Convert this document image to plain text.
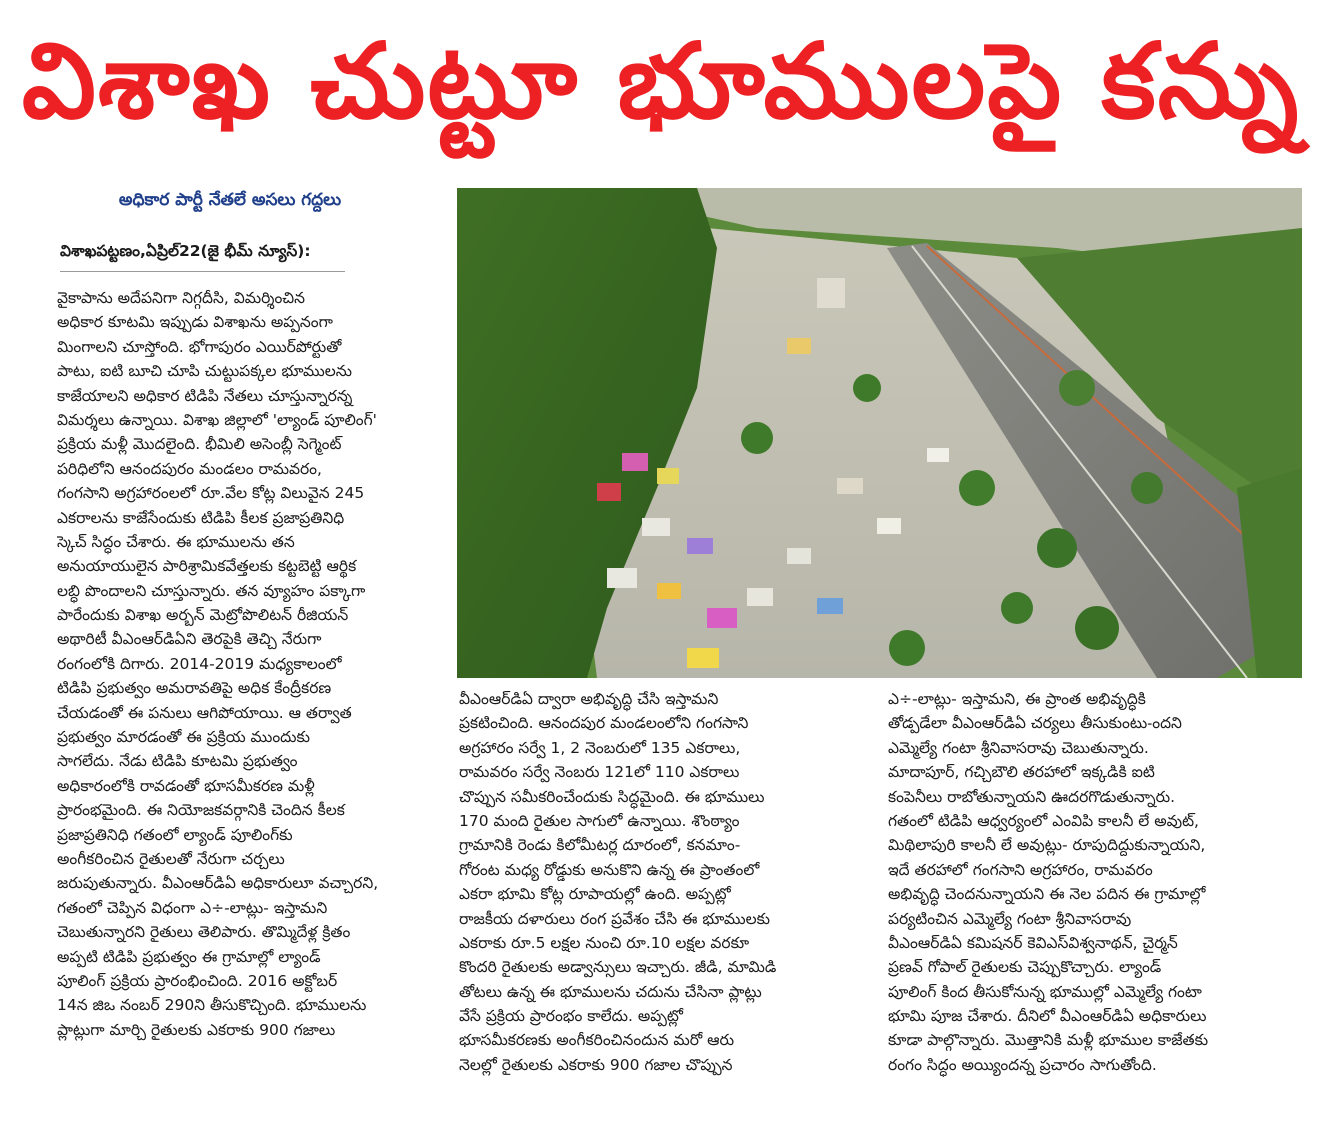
విశాఖ చుట్టూ భూములపై కన్ను
అధికార పార్టీ నేతలే అసలు గద్దలు
విశాఖపట్టణం,ఏప్రిల్22(జై భీమ్ న్యూస్):
వైకాపాను అదేపనిగా నిగ్గదీసి, విమర్శించిన
అధికార కూటమి ఇప్పుడు విశాఖను అప్పనంగా
మింగాలని చూస్తోంది. భోగాపురం ఎయిర్‌పోర్టుతో
పాటు, ఐటి బూచి చూపి చుట్టుపక్కల భూములను
కాజేయాలని అధికార టిడిపి నేతలు చూస్తున్నారన్న
విమర్శలు ఉన్నాయి. విశాఖ జిల్లాలో 'ల్యాండ్ పూలింగ్'
ప్రక్రియ మళ్లీ మొదలైంది. భీమిలి అసెంబ్లీ సెగ్మెంట్
పరిధిలోని ఆనందపురం మండలం రామవరం,
గంగసాని అగ్రహారంలలో రూ.వేల కోట్ల విలువైన 245
ఎకరాలను కాజేసేందుకు టిడిపి కీలక ప్రజాప్రతినిధి
స్కెచ్ సిద్ధం చేశారు. ఈ భూములను తన
అనుయాయులైన పారిశ్రామికవేత్తలకు కట్టబెట్టి ఆర్థిక
లబ్ధి పొందాలని చూస్తున్నారు. తన వ్యూహం పక్కాగా
పారేందుకు విశాఖ అర్బన్ మెట్రోపొలిటన్ రీజియన్
అథారిటీ వీఎంఆర్‌డిఏని తెరపైకి తెచ్చి నేరుగా
రంగంలోకి దిగారు. 2014-2019 మధ్యకాలంలో
టిడిపి ప్రభుత్వం అమరావతిపై అధిక కేంద్రీకరణ
చేయడంతో ఈ పనులు ఆగిపోయాయి. ఆ తర్వాత
ప్రభుత్వం మారడంతో ఈ ప్రక్రియ ముందుకు
సాగలేదు. నేడు టిడిపి కూటమి ప్రభుత్వం
అధికారంలోకి రావడంతో భూసమీకరణ మళ్లీ
ప్రారంభమైంది. ఈ నియోజకవర్గానికి చెందిన కీలక
ప్రజాప్రతినిధి గతంలో ల్యాండ్ పూలింగ్‌కు
అంగీకరించిన రైతులతో నేరుగా చర్చలు
జరుపుతున్నారు. వీఎంఆర్‌డిఏ అధికారులూ వచ్చారని,
గతంలో చెప్పిన విధంగా ఎ÷-లాట్లు- ఇస్తామని
చెబుతున్నారని రైతులు తెలిపారు. తొమ్మిదేళ్ల క్రితం
అప్పటి టిడిపి ప్రభుత్వం ఈ గ్రామాల్లో ల్యాండ్
పూలింగ్ ప్రక్రియ ప్రారంభించింది. 2016 అక్టోబర్
14న జిఒ నంబర్ 290ని తీసుకొచ్చింది. భూములను
ప్లాట్లుగా మార్చి రైతులకు ఎకరాకు 900 గజాలు
వీఎంఆర్‌డిఏ ద్వారా అభివృద్ధి చేసి ఇస్తామని
ప్రకటించింది. ఆనందపుర మండలంలోని గంగసాని
అగ్రహారం సర్వే 1, 2 నెంబరులో 135 ఎకరాలు,
రామవరం సర్వే నెంబరు 121లో 110 ఎకరాలు
చొప్పున సమీకరించేందుకు సిద్ధమైంది. ఈ భూములు
170 మంది రైతుల సాగులో ఉన్నాయి. శొంఠ్యాం
గ్రామానికి రెండు కిలోమీటర్ల దూరంలో, కనమాం-
గోరంట మధ్య రోడ్డుకు అనుకొని ఉన్న ఈ ప్రాంతంలో
ఎకరా భూమి కోట్ల రూపాయల్లో ఉంది. అప్పట్లో
రాజకీయ దళారులు రంగ ప్రవేశం చేసి ఈ భూములకు
ఎకరాకు రూ.5 లక్షల నుంచి రూ.10 లక్షల వరకూ
కొందరి రైతులకు అడ్వాన్సులు ఇచ్చారు. జీడి, మామిడి
తోటలు ఉన్న ఈ భూములను చదును చేసినా ప్లాట్లు
వేసే ప్రక్రియ ప్రారంభం కాలేదు. అప్పట్లో
భూసమీకరణకు అంగీకరించినందున మరో ఆరు
నెలల్లో రైతులకు ఎకరాకు 900 గజాల చొప్పున
ఎ÷-లాట్లు- ఇస్తామని, ఈ ప్రాంత అభివృద్ధికి
తోడ్పడేలా వీఎంఆర్‌డిఏ చర్యలు తీసుకుంటు-ందని
ఎమ్మెల్యే గంటా శ్రీనివాసరావు చెబుతున్నారు.
మాదాపూర్, గచ్చిబౌలి తరహాలో ఇక్కడికి ఐటి
కంపెనీలు రాబోతున్నాయని ఊదరగొడుతున్నారు.
గతంలో టిడిపి ఆధ్వర్యంలో ఎంవిపి కాలనీ లే అవుట్,
మిథిలాపురి కాలనీ లే అవుట్లు- రూపుదిద్దుకున్నాయని,
ఇదే తరహాలో గంగసాని అగ్రహారం, రామవరం
అభివృద్ధి చెందనున్నాయని ఈ నెల పదిన ఈ గ్రామాల్లో
పర్యటించిన ఎమ్మెల్యే గంటా శ్రీనివాసరావు
వీఎంఆర్‌డిఏ కమిషనర్ కెవిఎస్‌విశ్వనాథన్, చైర్మన్
ప్రణవ్ గోపాల్ రైతులకు చెప్పుకొచ్చారు. ల్యాండ్
పూలింగ్ కింద తీసుకోనున్న భూముల్లో ఎమ్మెల్యే గంటా
భూమి పూజ చేశారు. దీనిలో వీఎంఆర్‌డిఏ అధికారులు
కూడా పాల్గొన్నారు. మొత్తానికి మళ్లీ భూముల కాజేతకు
రంగం సిద్ధం అయ్యిందన్న ప్రచారం సాగుతోంది.
